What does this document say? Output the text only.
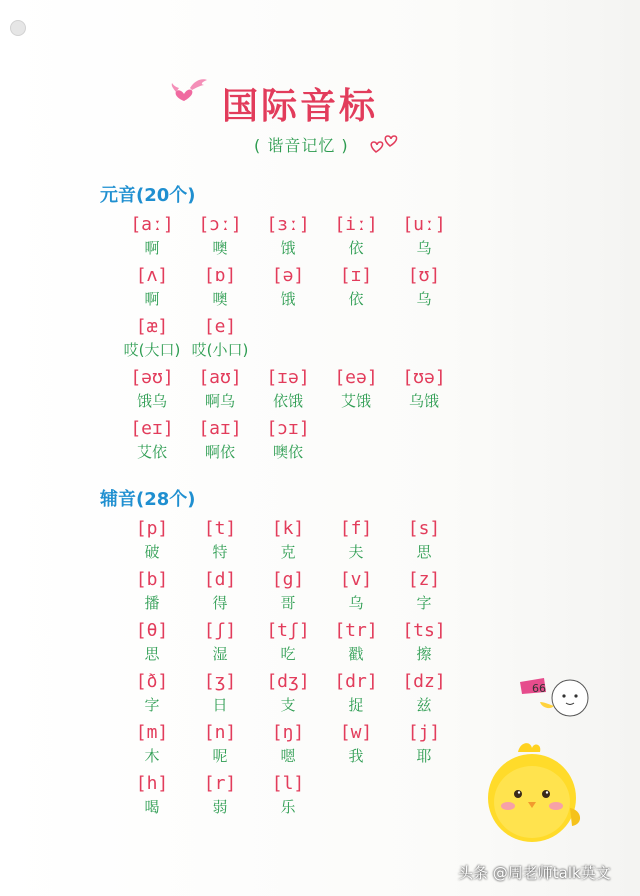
国际音标
( 谐音记忆 )
元音(20个)
[aː]
啊
[ɔː]
噢
[ɜː]
饿
[iː]
依
[uː]
乌
[ʌ]
啊
[ɒ]
噢
[ə]
饿
[ɪ]
依
[ʊ]
乌
[æ]
哎(大口)
[e]
哎(小口)
[əʊ]
饿乌
[aʊ]
啊乌
[ɪə]
依饿
[eə]
艾饿
[ʊə]
乌饿
[eɪ]
艾依
[aɪ]
啊依
[ɔɪ]
噢依
辅音(28个)
[p]
破
[t]
特
[k]
克
[f]
夫
[s]
思
[b]
播
[d]
得
[g]
哥
[v]
乌
[z]
字
[θ]
思
[ʃ]
湿
[tʃ]
吃
[tr]
戳
[ts]
擦
[ð]
字
[ʒ]
日
[dʒ]
支
[dr]
捉
[dz]
兹
[m]
木
[n]
呢
[ŋ]
嗯
[w]
我
[j]
耶
[h]
喝
[r]
弱
[l]
乐
66
头条 @周老师talk英文
